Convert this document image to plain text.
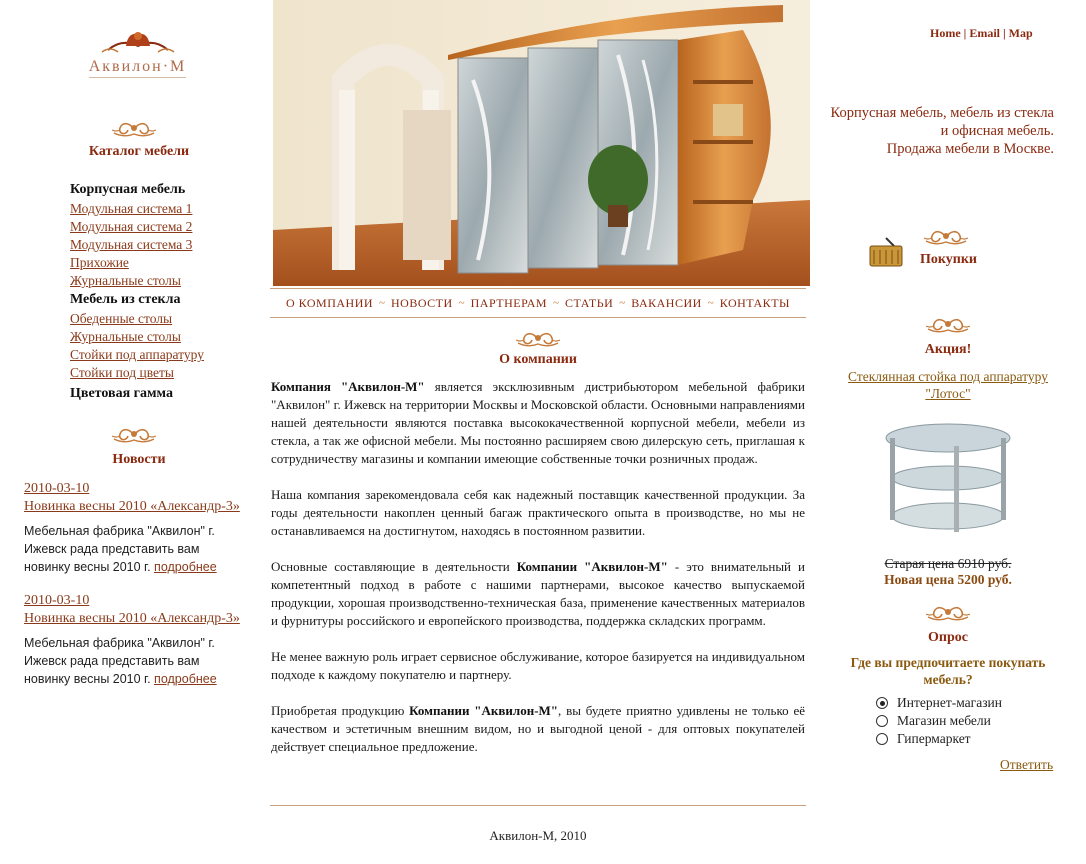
Аквилон·М
Каталог мебели
Корпусная мебель
Модульная система 1
Модульная система 2
Модульная система 3
Прихожие
Журнальные столы
Мебель из стекла
Обеденные столы
Журнальные столы
Стойки под аппаратуру
Стойки под цветы
Цветовая гамма
Новости
2010-03-10
Новинка весны 2010 «Александр-3»
Мебельная фабрика "Аквилон" г. Ижевск рада представить вам новинку весны 2010 г. подробнее
2010-03-10
Новинка весны 2010 «Александр-3»
Мебельная фабрика "Аквилон" г. Ижевск рада представить вам новинку весны 2010 г. подробнее
О КОМПАНИИ ~ НОВОСТИ ~ ПАРТНЕРАМ ~ СТАТЬИ ~ ВАКАНСИИ ~ КОНТАКТЫ
О компании

Компания "Аквилон-М" является эксклюзивным дистрибьютором мебельной фабрики "Аквилон" г. Ижевск на территории Москвы и Московской области. Основными направлениями нашей деятельности являются поставка высококачественной корпусной мебели, мебели из стекла, а так же офисной мебели. Мы постоянно расширяем свою дилерскую сеть, приглашая к сотрудничеству магазины и компании имеющие собственные точки розничных продаж.

Наша компания зарекомендовала себя как надежный поставщик качественной продукции. За годы деятельности накоплен ценный багаж практического опыта в производстве, но мы не останавливаемся на достигнутом, находясь в постоянном развитии.

Основные составляющие в деятельности Компании "Аквилон-М" - это внимательный и компетентный подход в работе с нашими партнерами, высокое качество выпускаемой продукции, хорошая производственно-техническая база, применение качественных материалов и фурнитуры российского и европейского производства, поддержка складских программ.

Не менее важную роль играет сервисное обслуживание, которое базируется на индивидуальном подходе к каждому покупателю и партнеру.

Приобретая продукцию Компании "Аквилон-М", вы будете приятно удивлены не только её качеством и эстетичным внешним видом, но и выгодной ценой - для оптовых покупателей действует специальное предложение.

Аквилон-М, 2010
Home | Email | Map
Корпусная мебель, мебель из стекла
и офисная мебель.
Продажа мебели в Москве.
Покупки
Акция!
Стеклянная стойка под аппаратуру "Лотос"
Старая цена 6910 руб.
Новая цена 5200 руб.
Опрос
Где вы предпочитаете покупать мебель?
Интернет-магазин
Магазин мебели
Гипермаркет
Ответить
